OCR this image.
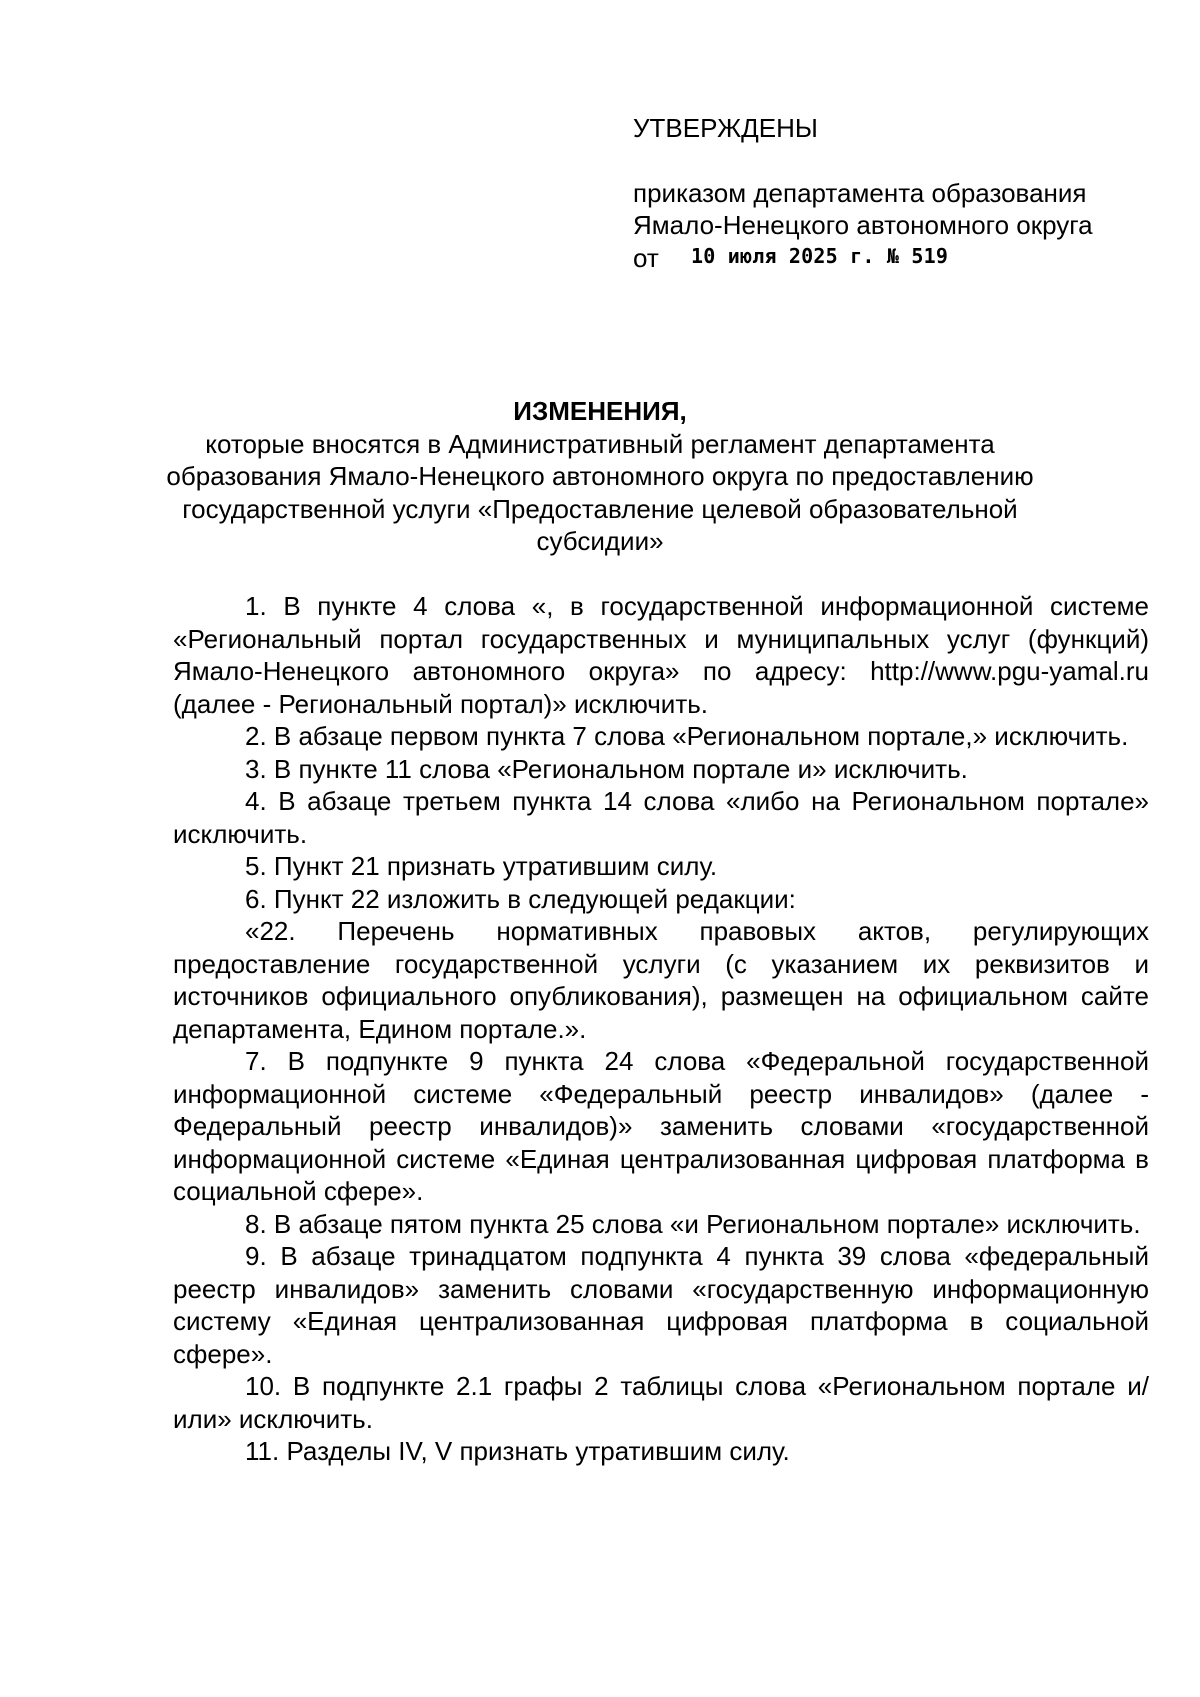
УТВЕРЖДЕНЫ
приказом департамента образования
Ямало-Ненецкого автономного округа
от 10 июля 2025 г. № 519
ИЗМЕНЕНИЯ,
которые вносятся в Административный регламент департамента образования Ямало-Ненецкого автономного округа по предоставлению государственной услуги «Предоставление целевой образовательной субсидии»

1. В пункте 4 слова «, в государственной информационной системе «Региональный портал государственных и муниципальных услуг (функций) Ямало-Ненецкого автономного округа» по адресу: http://www.pgu-yamal.ru (далее - Региональный портал)» исключить.

2. В абзаце первом пункта 7 слова «Региональном портале,» исключить.

3. В пункте 11 слова «Региональном портале и» исключить.

4. В абзаце третьем пункта 14 слова «либо на Региональном портале» исключить.

5. Пункт 21 признать утратившим силу.

6. Пункт 22 изложить в следующей редакции:

«22. Перечень нормативных правовых актов, регулирующих предоставление государственной услуги (с указанием их реквизитов и источников официального опубликования), размещен на официальном сайте департамента, Едином портале.».

7. В подпункте 9 пункта 24 слова «Федеральной государственной информационной системе «Федеральный реестр инвалидов» (далее - Федеральный реестр инвалидов)» заменить словами «государственной информационной системе «Единая централизованная цифровая платформа в социальной сфере».

8. В абзаце пятом пункта 25 слова «и Региональном портале» исключить.

9. В абзаце тринадцатом подпункта 4 пункта 39 слова «федеральный реестр инвалидов» заменить словами «государственную информационную систему «Единая централизованная цифровая платформа в социальной сфере».

10. В подпункте 2.1 графы 2 таблицы слова «Региональном портале и/или» исключить.

11. Разделы IV, V признать утратившим силу.
